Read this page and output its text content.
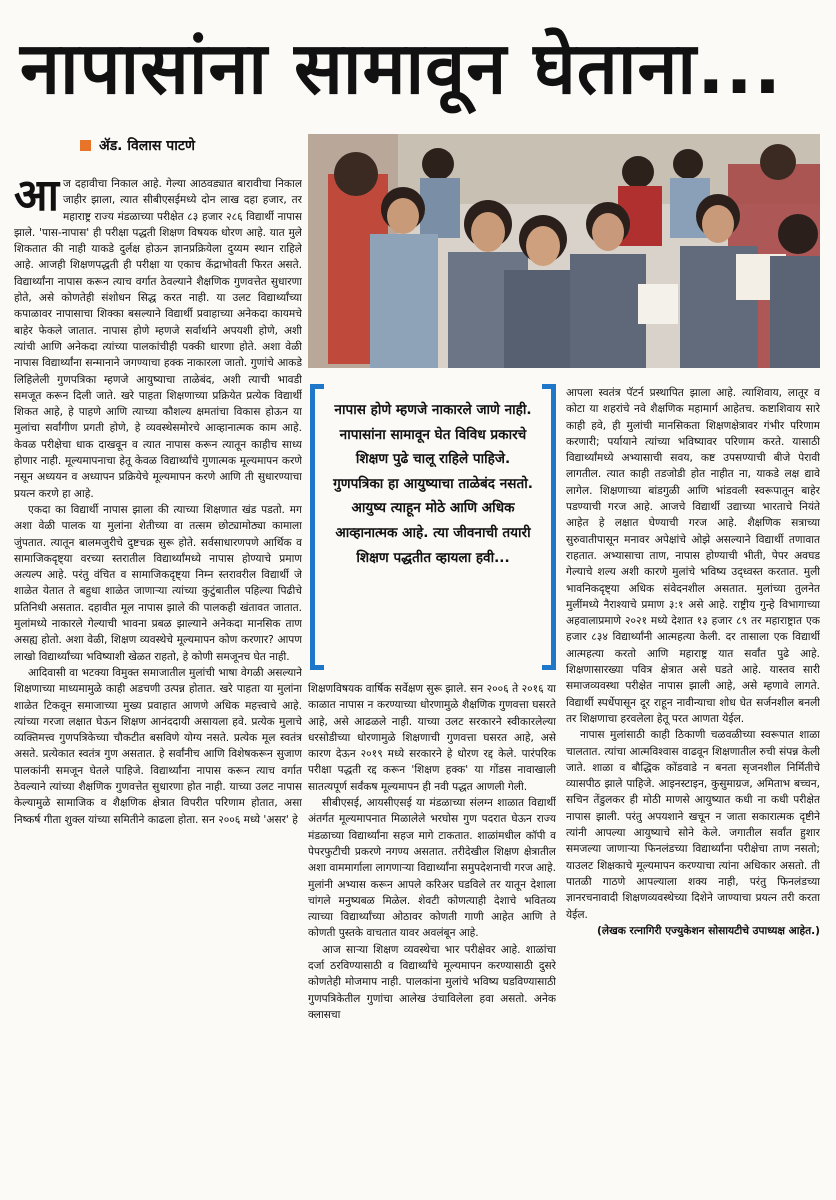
नापासांना सामावून घेताना...
ॲड. विलास पाटणे

आज दहावीचा निकाल आहे. गेल्या आठवड्यात बारावीचा निकाल जाहीर झाला, त्यात सीबीएसईमध्ये दोन लाख दहा हजार, तर महाराष्ट्र राज्य मंडळाच्या परीक्षेत ८३ हजार २८६ विद्यार्थी नापास झाले. 'पास-नापास' ही परीक्षा पद्धती शिक्षण विषयक धोरण आहे. यात मुले शिकतात की नाही याकडे दुर्लक्ष होऊन ज्ञानप्रक्रियेला दुय्यम स्थान राहिले आहे. आजही शिक्षणपद्धती ही परीक्षा या एकाच केंद्राभोवती फिरत असते. विद्यार्थ्यांना नापास करून त्याच वर्गात ठेवल्याने शैक्षणिक गुणवत्तेत सुधारणा होते, असे कोणतेही संशोधन सिद्ध करत नाही. या उलट विद्यार्थ्यांच्या कपाळावर नापासाचा शिक्का बसल्याने विद्यार्थी प्रवाहाच्या अनेकदा कायमचे बाहेर फेकले जातात. नापास होणे म्हणजे सर्वार्थाने अपयशी होणे, अशी त्यांची आणि अनेकदा त्यांच्या पालकांचीही पक्की धारणा होते. अशा वेळी नापास विद्यार्थ्यांना सन्मानाने जगण्याचा हक्क नाकारला जातो. गुणांचे आकडे लिहिलेली गुणपत्रिका म्हणजे आयुष्याचा ताळेबंद, अशी त्याची भावडी समजूत करून दिली जाते. खरे पाहता शिक्षणाच्या प्रक्रियेत प्रत्येक विद्यार्थी शिकत आहे, हे पाहणे आणि त्याच्या कौशल्य क्षमतांचा विकास होऊन या मुलांचा सर्वांगीण प्रगती होणे, हे व्यवस्थेसमोरचे आव्हानात्मक काम आहे. केवळ परीक्षेचा धाक दाखवून व त्यात नापास करून त्यातून काहीच साध्य होणार नाही. मूल्यमापनाचा हेतू केवळ विद्यार्थ्यांचे गुणात्मक मूल्यमापन करणे नसून अध्ययन व अध्यापन प्रक्रियेचे मूल्यमापन करणे आणि ती सुधारण्याचा प्रयत्न करणे हा आहे.

एकदा का विद्यार्थी नापास झाला की त्याच्या शिक्षणात खंड पडतो. मग अशा वेळी पालक या मुलांना शेतीच्या वा तत्सम छोट्यामोठ्या कामाला जुंपतात. त्यातून बालमजुरीचे दुष्टचक्र सुरू होते. सर्वसाधारणपणे आर्थिक व सामाजिकदृष्ट्या वरच्या स्तरातील विद्यार्थ्यांमध्ये नापास होण्याचे प्रमाण अत्यल्प आहे. परंतु वंचित व सामाजिकदृष्ट्या निम्न स्तरावरील विद्यार्थी जे शाळेत येतात ते बहुधा शाळेत जाणाऱ्या त्यांच्या कुटुंबातील पहिल्या पिढीचे प्रतिनिधी असतात. दहावीत मूल नापास झाले की पालकही खंतावत जातात. मुलांमध्ये नाकारले गेल्याची भावना प्रबळ झाल्याने अनेकदा मानसिक ताण असह्य होतो. अशा वेळी, शिक्षण व्यवस्थेचे मूल्यमापन कोण करणार? आपण लाखो विद्यार्थ्यांच्या भविष्याशी खेळत राहतो, हे कोणी समजूनच घेत नाही.

आदिवासी वा भटक्या विमुक्त समाजातील मुलांची भाषा वेगळी असल्याने शिक्षणाच्या माध्यमामुळे काही अडचणी उत्पन्न होतात. खरे पाहता या मुलांना शाळेत टिकवून समाजाच्या मुख्य प्रवाहात आणणे अधिक महत्त्वाचे आहे. त्यांच्या गरजा लक्षात घेऊन शिक्षण आनंददायी असायला हवे. प्रत्येक मुलाचे व्यक्तिमत्त्व गुणपत्रिकेच्या चौकटीत बसविणे योग्य नसते. प्रत्येक मूल स्वतंत्र असते. प्रत्येकात स्वतंत्र गुण असतात. हे सर्वांनीच आणि विशेषकरून सुजाण पालकांनी समजून घेतले पाहिजे. विद्यार्थ्यांना नापास करून त्याच वर्गात ठेवल्याने त्यांच्या शैक्षणिक गुणवत्तेत सुधारणा होत नाही. याच्या उलट नापास केल्यामुळे सामाजिक व शैक्षणिक क्षेत्रात विपरीत परिणाम होतात, असा निष्कर्ष गीता शुक्ल यांच्या समितीने काढला होता. सन २००६ मध्ये 'असर' हे

नापास होणे म्हणजे नाकारले जाणे नाही. नापासांना सामावून घेत विविध प्रकारचे शिक्षण पुढे चालू राहिले पाहिजे. गुणपत्रिका हा आयुष्याचा ताळेबंद नसतो. आयुष्य त्याहून मोठे आणि अधिक आव्हानात्मक आहे. त्या जीवनाची तयारी शिक्षण पद्धतीत व्हायला हवी...

शिक्षणविषयक वार्षिक सर्वेक्षण सुरू झाले. सन २००६ ते २०१६ या काळात नापास न करण्याच्या धोरणामुळे शैक्षणिक गुणवत्ता घसरते आहे, असे आढळले नाही. याच्या उलट सरकारने स्वीकारलेल्या धरसोडीच्या धोरणामुळे शिक्षणाची गुणवत्ता घसरत आहे, असे कारण देऊन २०१९ मध्ये सरकारने हे धोरण रद्द केले. पारंपरिक परीक्षा पद्धती रद्द करून 'शिक्षण हक्क' या गोंडस नावाखाली सातत्यपूर्ण सर्वंकष मूल्यमापन ही नवी पद्धत आणली गेली.

सीबीएसई, आयसीएसई या मंडळाच्या संलग्न शाळात विद्यार्थी अंतर्गत मूल्यमापनात मिळालेले भरघोस गुण पदरात घेऊन राज्य मंडळाच्या विद्यार्थ्यांना सहज मागे टाकतात. शाळांमधील कॉपी व पेपरफुटीची प्रकरणे नगण्य असतात. तरीदेखील शिक्षण क्षेत्रातील अशा वाममार्गाला लागणाऱ्या विद्यार्थ्यांना समुपदेशनाची गरज आहे. मुलांनी अभ्यास करून आपले करिअर घडविले तर यातून देशाला चांगले मनुष्यबळ मिळेल. शेवटी कोणत्याही देशाचे भवितव्य त्याच्या विद्यार्थ्यांच्या ओठावर कोणती गाणी आहेत आणि ते कोणती पुस्तके वाचतात यावर अवलंबून आहे.

आज साऱ्या शिक्षण व्यवस्थेचा भार परीक्षेवर आहे. शाळांचा दर्जा ठरविण्यासाठी व विद्यार्थ्यांचे मूल्यमापन करण्यासाठी दुसरे कोणतेही मोजमाप नाही. पालकांना मुलांचे भविष्य घडविण्यासाठी गुणपत्रिकेतील गुणांचा आलेख उंचाविलेला हवा असतो. अनेक क्लासचा

आपला स्वतंत्र पॅटर्न प्रस्थापित झाला आहे. त्याशिवाय, लातूर व कोटा या शहरांचे नवे शैक्षणिक महामार्ग आहेतच. कष्टाशिवाय सारे काही हवे, ही मुलांची मानसिकता शिक्षणक्षेत्रावर गंभीर परिणाम करणारी; पर्यायाने त्यांच्या भविष्यावर परिणाम करते. यासाठी विद्यार्थ्यांमध्ये अभ्यासाची सवय, कष्ट उपसण्याची बीजे पेरावी लागतील. त्यात काही तडजोडी होत नाहीत ना, याकडे लक्ष द्यावे लागेल. शिक्षणाच्या बांडगुळी आणि भांडवली स्वरूपातून बाहेर पडण्याची गरज आहे. आजचे विद्यार्थी उद्याच्या भारताचे नियंते आहेत हे लक्षात घेण्याची गरज आहे. शैक्षणिक सत्राच्या सुरुवातीपासून मनावर अपेक्षांचे ओझे असल्याने विद्यार्थी तणावात राहतात. अभ्यासाचा ताण, नापास होण्याची भीती, पेपर अवघड गेल्याचे शल्य अशी कारणे मुलांचे भविष्य उद्ध्वस्त करतात. मुली भावनिकदृष्ट्या अधिक संवेदनशील असतात. मुलांच्या तुलनेत मुलींमध्ये नैराश्याचे प्रमाण ३:१ असे आहे. राष्ट्रीय गुन्हे विभागाच्या अहवालाप्रमाणे २०२१ मध्ये देशात १३ हजार ८९ तर महाराष्ट्रात एक हजार ८३४ विद्यार्थ्यांनी आत्महत्या केली. दर तासाला एक विद्यार्थी आत्महत्या करतो आणि महाराष्ट्र यात सर्वांत पुढे आहे. शिक्षणासारख्या पवित्र क्षेत्रात असे घडते आहे. यास्तव सारी समाजव्यवस्था परीक्षेत नापास झाली आहे, असे म्हणावे लागते. विद्यार्थी स्पर्धेपासून दूर राहून नावीन्याचा शोध घेत सर्जनशील बनली तर शिक्षणाचा हरवलेला हेतू परत आणता येईल.

नापास मुलांसाठी काही ठिकाणी चळवळीच्या स्वरूपात शाळा चालतात. त्यांचा आत्मविश्वास वाढवून शिक्षणातील रुची संपन्न केली जाते. शाळा व बौद्धिक कोंडवाडे न बनता सृजनशील निर्मितीचे व्यासपीठ झाले पाहिजे. आइनस्टाइन, कुसुमाग्रज, अमिताभ बच्चन, सचिन तेंडुलकर ही मोठी माणसे आयुष्यात कधी ना कधी परीक्षेत नापास झाली. परंतु अपयशाने खचून न जाता सकारात्मक दृष्टीने त्यांनी आपल्या आयुष्याचे सोने केले. जगातील सर्वांत हुशार समजल्या जाणाऱ्या फिनलंडच्या विद्यार्थ्यांना परीक्षेचा ताण नसतो; याउलट शिक्षकाचे मूल्यमापन करण्याचा त्यांना अधिकार असतो. ती पातळी गाठणे आपल्याला शक्य नाही, परंतु फिनलंडच्या ज्ञानरचनावादी शिक्षणव्यवस्थेच्या दिशेने जाण्याचा प्रयत्न तरी करता येईल.

(लेखक रत्नागिरी एज्युकेशन सोसायटीचे उपाध्यक्ष आहेत.)
